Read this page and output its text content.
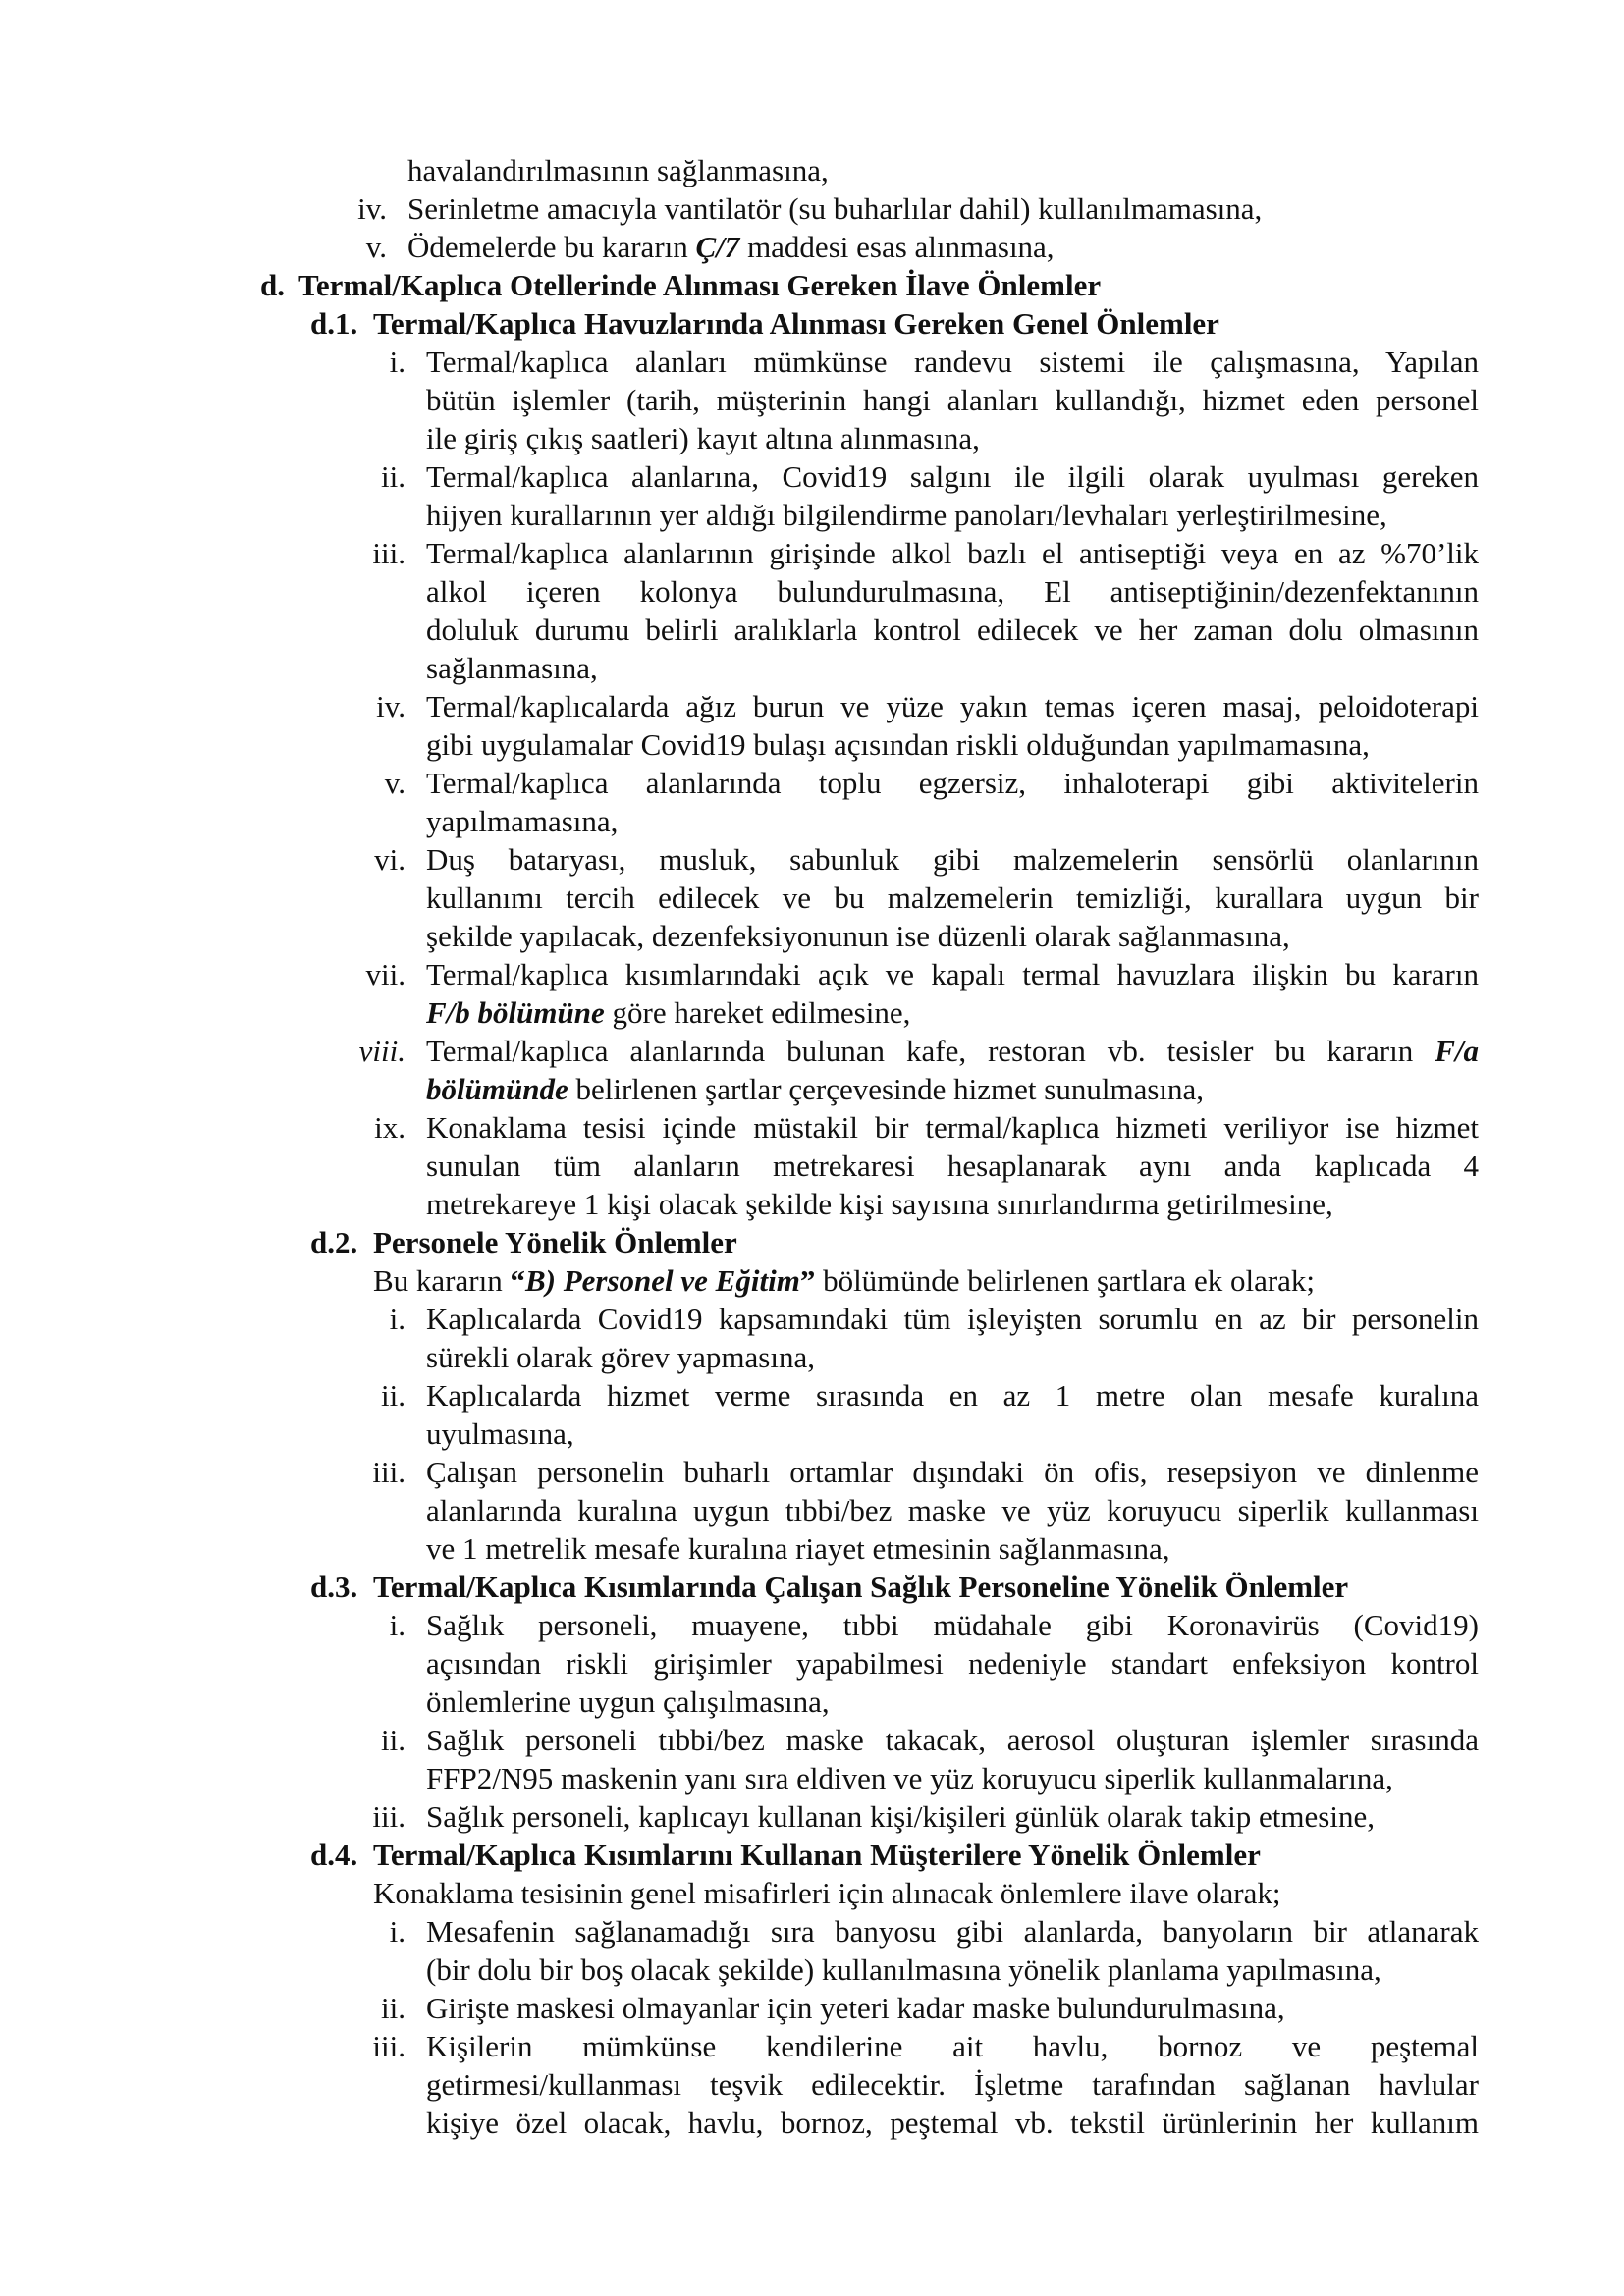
havalandırılmasının sağlanmasına,
iv. Serinletme amacıyla vantilatör (su buharlılar dahil) kullanılmamasına,
v. Ödemelerde bu kararın Ç/7 maddesi esas alınmasına,
d. Termal/Kaplıca Otellerinde Alınması Gereken İlave Önlemler
d.1. Termal/Kaplıca Havuzlarında Alınması Gereken Genel Önlemler
i. Termal/kaplıca alanları mümkünse randevu sistemi ile çalışmasına, Yapılan
bütün işlemler (tarih, müşterinin hangi alanları kullandığı, hizmet eden personel
ile giriş çıkış saatleri) kayıt altına alınmasına,
ii. Termal/kaplıca alanlarına, Covid19 salgını ile ilgili olarak uyulması gereken
hijyen kurallarının yer aldığı bilgilendirme panoları/levhaları yerleştirilmesine,
iii. Termal/kaplıca alanlarının girişinde alkol bazlı el antiseptiği veya en az %70’lik
alkol içeren kolonya bulundurulmasına, El antiseptiğinin/dezenfektanının
doluluk durumu belirli aralıklarla kontrol edilecek ve her zaman dolu olmasının
sağlanmasına,
iv. Termal/kaplıcalarda ağız burun ve yüze yakın temas içeren masaj, peloidoterapi
gibi uygulamalar Covid19 bulaşı açısından riskli olduğundan yapılmamasına,
v. Termal/kaplıca alanlarında toplu egzersiz, inhaloterapi gibi aktivitelerin
yapılmamasına,
vi. Duş bataryası, musluk, sabunluk gibi malzemelerin sensörlü olanlarının
kullanımı tercih edilecek ve bu malzemelerin temizliği, kurallara uygun bir
şekilde yapılacak, dezenfeksiyonunun ise düzenli olarak sağlanmasına,
vii. Termal/kaplıca kısımlarındaki açık ve kapalı termal havuzlara ilişkin bu kararın
F/b bölümüne göre hareket edilmesine,
viii. Termal/kaplıca alanlarında bulunan kafe, restoran vb. tesisler bu kararın F/a
bölümünde belirlenen şartlar çerçevesinde hizmet sunulmasına,
ix. Konaklama tesisi içinde müstakil bir termal/kaplıca hizmeti veriliyor ise hizmet
sunulan tüm alanların metrekaresi hesaplanarak aynı anda kaplıcada 4
metrekareye 1 kişi olacak şekilde kişi sayısına sınırlandırma getirilmesine,
d.2. Personele Yönelik Önlemler
Bu kararın “B) Personel ve Eğitim” bölümünde belirlenen şartlara ek olarak;
i. Kaplıcalarda Covid19 kapsamındaki tüm işleyişten sorumlu en az bir personelin
sürekli olarak görev yapmasına,
ii. Kaplıcalarda hizmet verme sırasında en az 1 metre olan mesafe kuralına
uyulmasına,
iii. Çalışan personelin buharlı ortamlar dışındaki ön ofis, resepsiyon ve dinlenme
alanlarında kuralına uygun tıbbi/bez maske ve yüz koruyucu siperlik kullanması
ve 1 metrelik mesafe kuralına riayet etmesinin sağlanmasına,
d.3. Termal/Kaplıca Kısımlarında Çalışan Sağlık Personeline Yönelik Önlemler
i. Sağlık personeli, muayene, tıbbi müdahale gibi Koronavirüs (Covid19)
açısından riskli girişimler yapabilmesi nedeniyle standart enfeksiyon kontrol
önlemlerine uygun çalışılmasına,
ii. Sağlık personeli tıbbi/bez maske takacak, aerosol oluşturan işlemler sırasında
FFP2/N95 maskenin yanı sıra eldiven ve yüz koruyucu siperlik kullanmalarına,
iii. Sağlık personeli, kaplıcayı kullanan kişi/kişileri günlük olarak takip etmesine,
d.4. Termal/Kaplıca Kısımlarını Kullanan Müşterilere Yönelik Önlemler
Konaklama tesisinin genel misafirleri için alınacak önlemlere ilave olarak;
i. Mesafenin sağlanamadığı sıra banyosu gibi alanlarda, banyoların bir atlanarak
(bir dolu bir boş olacak şekilde) kullanılmasına yönelik planlama yapılmasına,
ii. Girişte maskesi olmayanlar için yeteri kadar maske bulundurulmasına,
iii. Kişilerin mümkünse kendilerine ait havlu, bornoz ve peştemal
getirmesi/kullanması teşvik edilecektir. İşletme tarafından sağlanan havlular
kişiye özel olacak, havlu, bornoz, peştemal vb. tekstil ürünlerinin her kullanım
